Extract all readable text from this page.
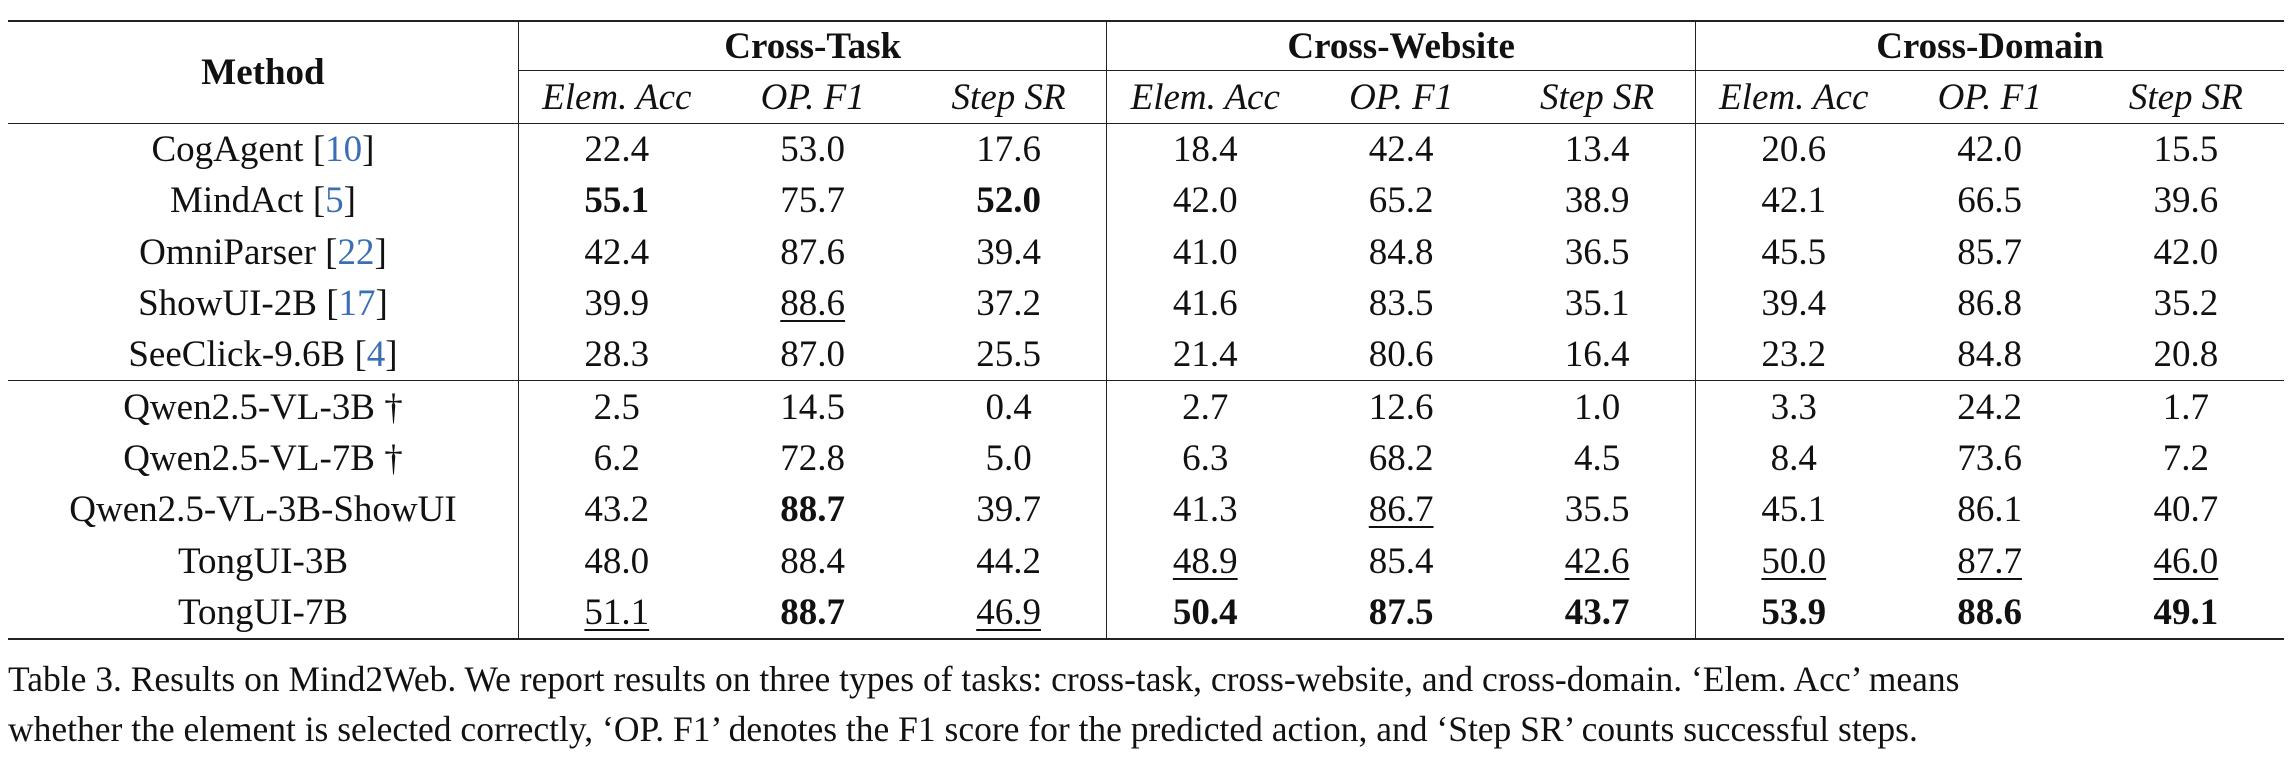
Method	Cross-Task			Cross-Website			Cross-Domain		
	Elem. Acc	OP. F1	Step SR	Elem. Acc	OP. F1	Step SR	Elem. Acc	OP. F1	Step SR
CogAgent [10]	22.4	53.0	17.6	18.4	42.4	13.4	20.6	42.0	15.5
MindAct [5]	55.1	75.7	52.0	42.0	65.2	38.9	42.1	66.5	39.6
OmniParser [22]	42.4	87.6	39.4	41.0	84.8	36.5	45.5	85.7	42.0
ShowUI-2B [17]	39.9	88.6	37.2	41.6	83.5	35.1	39.4	86.8	35.2
SeeClick-9.6B [4]	28.3	87.0	25.5	21.4	80.6	16.4	23.2	84.8	20.8
Qwen2.5-VL-3B †	2.5	14.5	0.4	2.7	12.6	1.0	3.3	24.2	1.7
Qwen2.5-VL-7B †	6.2	72.8	5.0	6.3	68.2	4.5	8.4	73.6	7.2
Qwen2.5-VL-3B-ShowUI	43.2	88.7	39.7	41.3	86.7	35.5	45.1	86.1	40.7
TongUI-3B	48.0	88.4	44.2	48.9	85.4	42.6	50.0	87.7	46.0
TongUI-7B	51.1	88.7	46.9	50.4	87.5	43.7	53.9	88.6	49.1
Table 3. Results on Mind2Web. We report results on three types of tasks: cross-task, cross-website, and cross-domain. ‘Elem. Acc’ means
whether the element is selected correctly, ‘OP. F1’ denotes the F1 score for the predicted action, and ‘Step SR’ counts successful steps.
